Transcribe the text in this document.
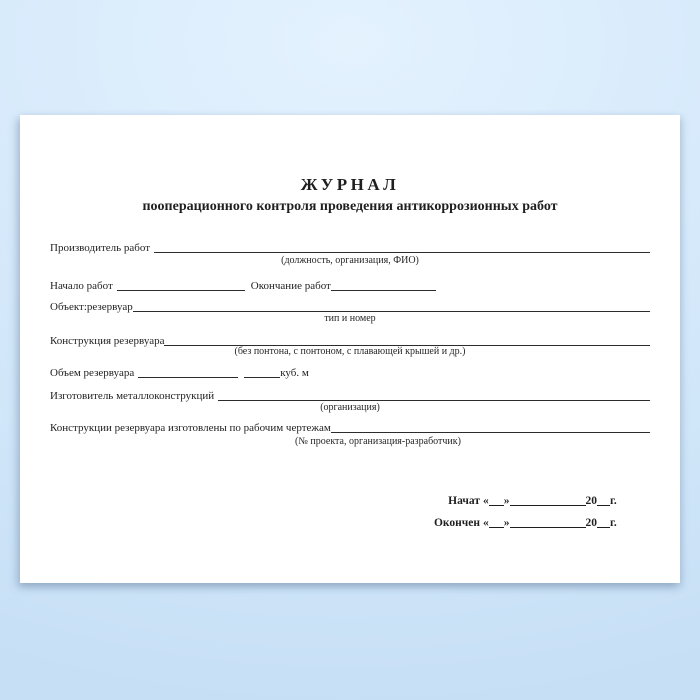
ЖУРНАЛ
пооперационного контроля проведения антикоррозионных работ
Производитель работ
(должность, организация, ФИО)
Начало работ	Окончание работ
Объект:резервуар
тип и номер
Конструкция резервуара
(без понтона, с понтоном, с плавающей крышей и др.)
Объем резервуара	куб. м
Изготовитель металлоконструкций
(организация)
Конструкции резервуара изготовлены по рабочим чертежам
(№ проекта, организация-разработчик)
Начат « »	20 г.
Окончен « »	20 г.
